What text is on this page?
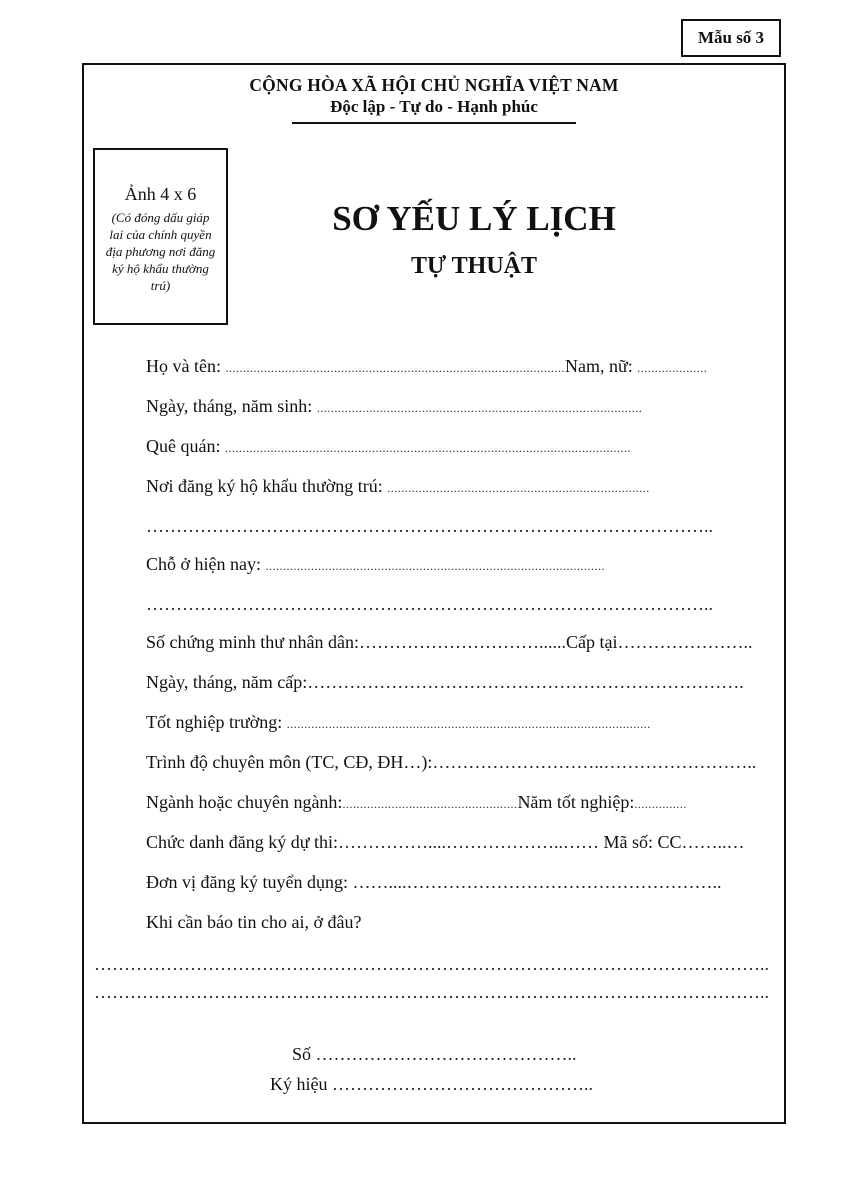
Mẫu số 3
CỘNG HÒA XÃ HỘI CHỦ NGHĨA VIỆT NAM
Độc lập - Tự do - Hạnh phúc
Ảnh 4 x 6
(Có đóng dấu giáp lai của chính quyền địa phương nơi đăng ký hộ khẩu thường trú)
SƠ YẾU LÝ LỊCH
TỰ THUẬT
Họ và tên: .................................................................................................Nam, nữ: ....................
Ngày, tháng, năm sinh: .............................................................................................
Quê quán: ....................................................................................................................
Nơi đăng ký hộ khẩu thường trú: ...........................................................................
…………………………………………………………………………………..
Chỗ ở hiện nay: .................................................................................................
…………………………………………………………………………………..
Số chứng minh thư nhân dân:…………………………......Cấp tại…………………..
Ngày, tháng, năm cấp:……………………………………………………………….
Tốt nghiệp trường: ........................................................................................................
Trình độ chuyên môn (TC, CĐ, ĐH…):………………………..……………………..
Ngành hoặc chuyên ngành:..................................................Năm tốt nghiệp:...............
Chức danh đăng ký dự thi:……………....………………..…… Mã số: CC……..…
Đơn vị đăng ký tuyển dụng: ……....……………………………………………..
Khi cần báo tin cho ai, ở đâu?
…………………………………………………………………………………………………..
…………………………………………………………………………………………………..
Số ……………………………………..
Ký hiệu ……………………………………..
